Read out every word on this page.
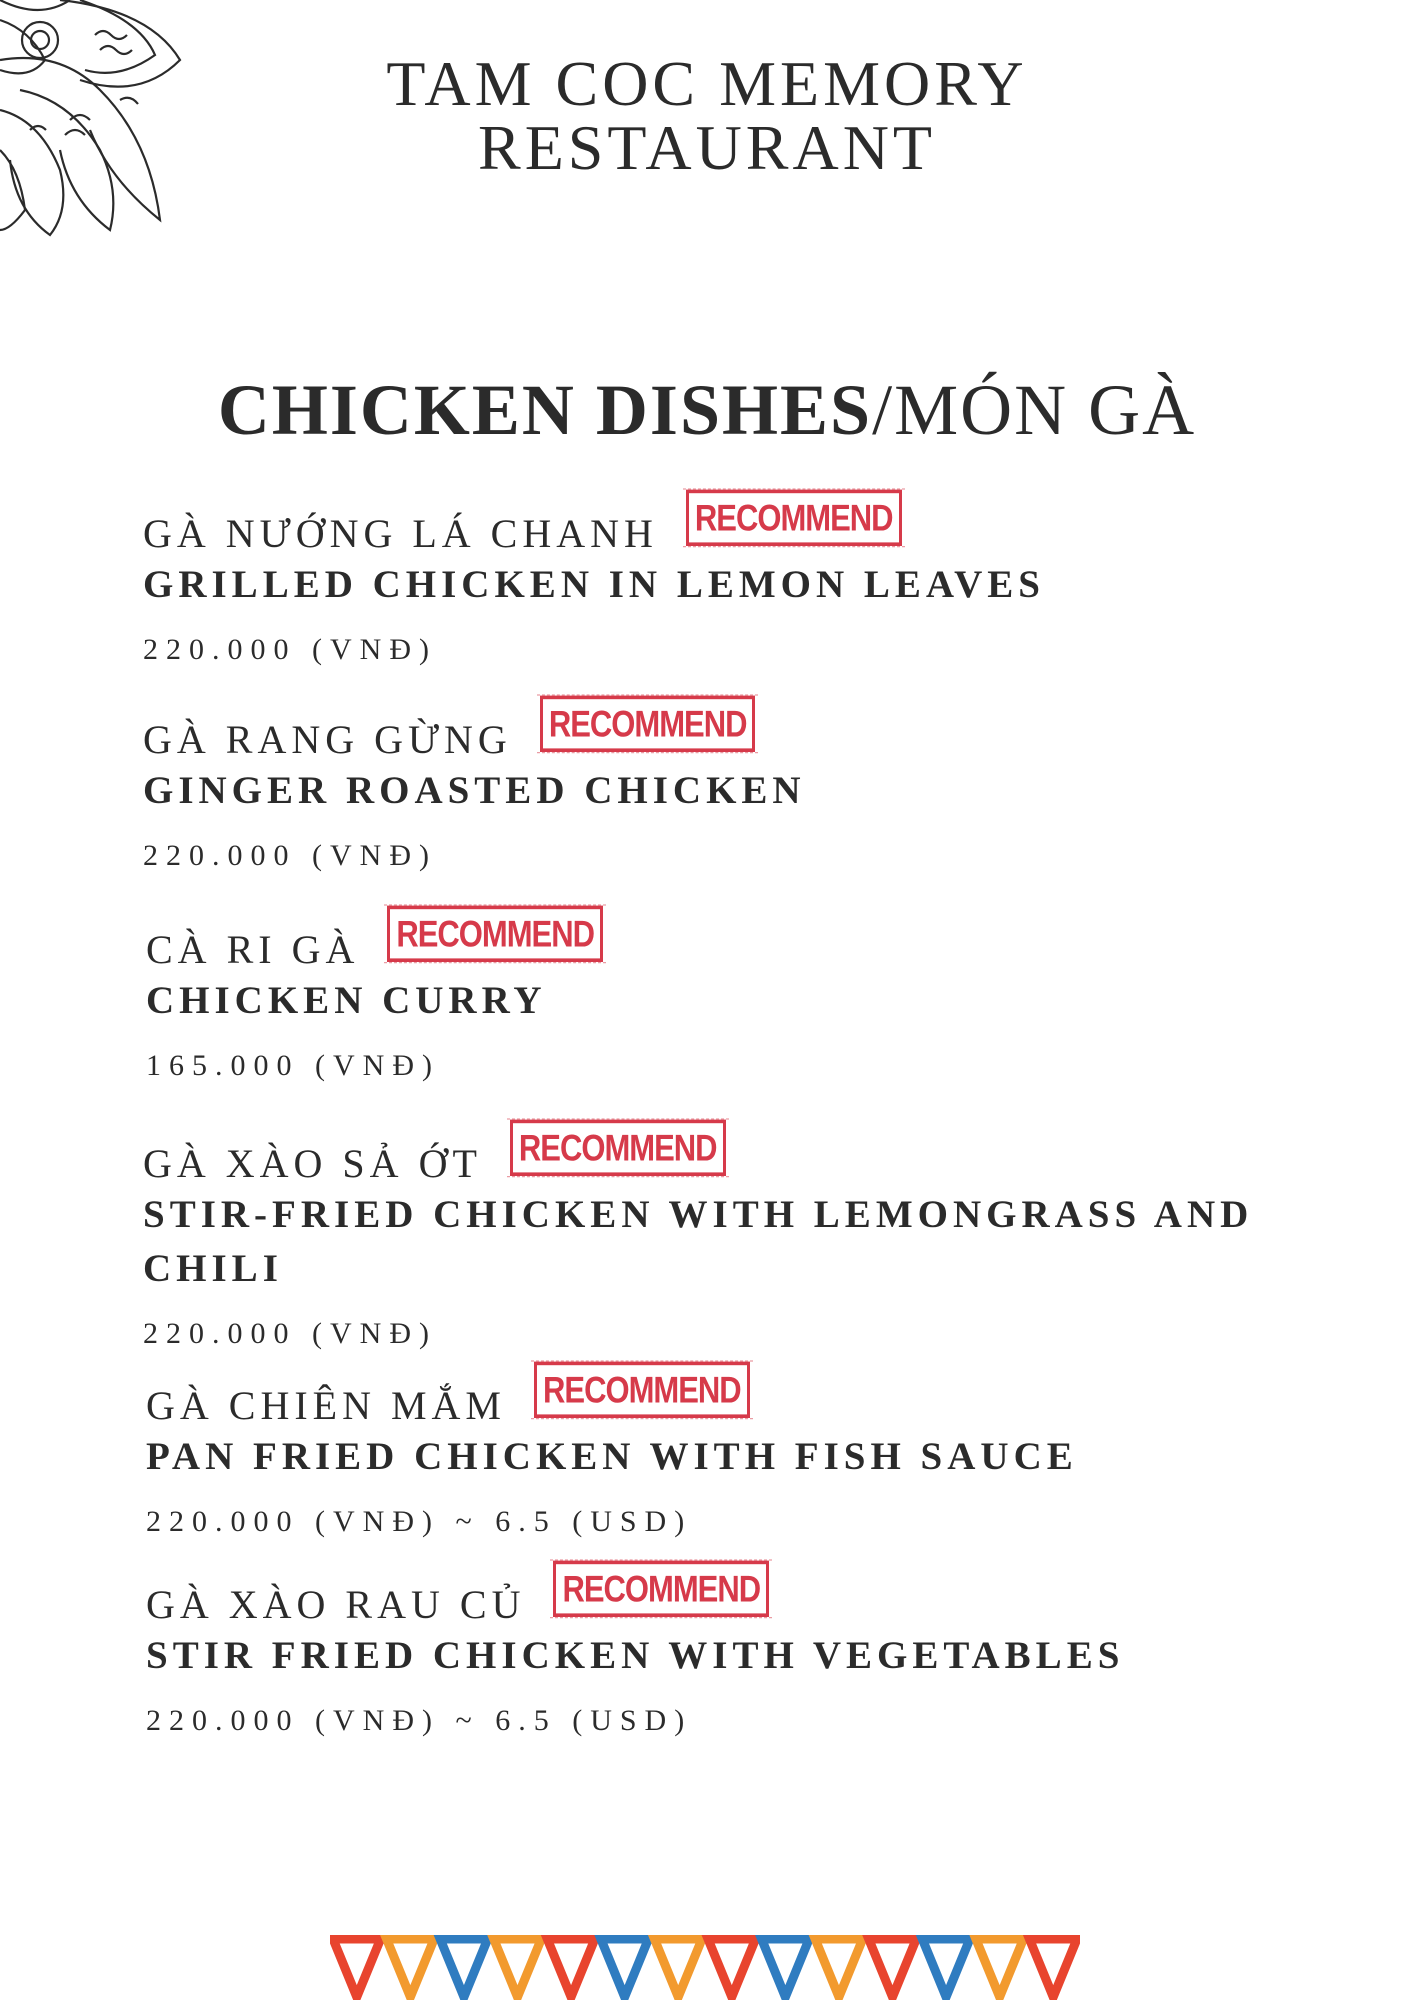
TAM COC MEMORY
RESTAURANT
CHICKEN DISHES/MÓN GÀ
GÀ NƯỚNG LÁ CHANH RECOMMEND
GRILLED CHICKEN IN LEMON LEAVES
220.000 (VNĐ)
GÀ RANG GỪNG RECOMMEND
GINGER ROASTED CHICKEN
220.000 (VNĐ)
CÀ RI GÀ RECOMMEND
CHICKEN CURRY
165.000 (VNĐ)
GÀ XÀO SẢ ỚT RECOMMEND
STIR-FRIED CHICKEN WITH LEMONGRASS AND CHILI
220.000 (VNĐ)
GÀ CHIÊN MẮM RECOMMEND
PAN FRIED CHICKEN WITH FISH SAUCE
220.000 (VNĐ) ~ 6.5 (USD)
GÀ XÀO RAU CỦ RECOMMEND
STIR FRIED CHICKEN WITH VEGETABLES
220.000 (VNĐ) ~ 6.5 (USD)
